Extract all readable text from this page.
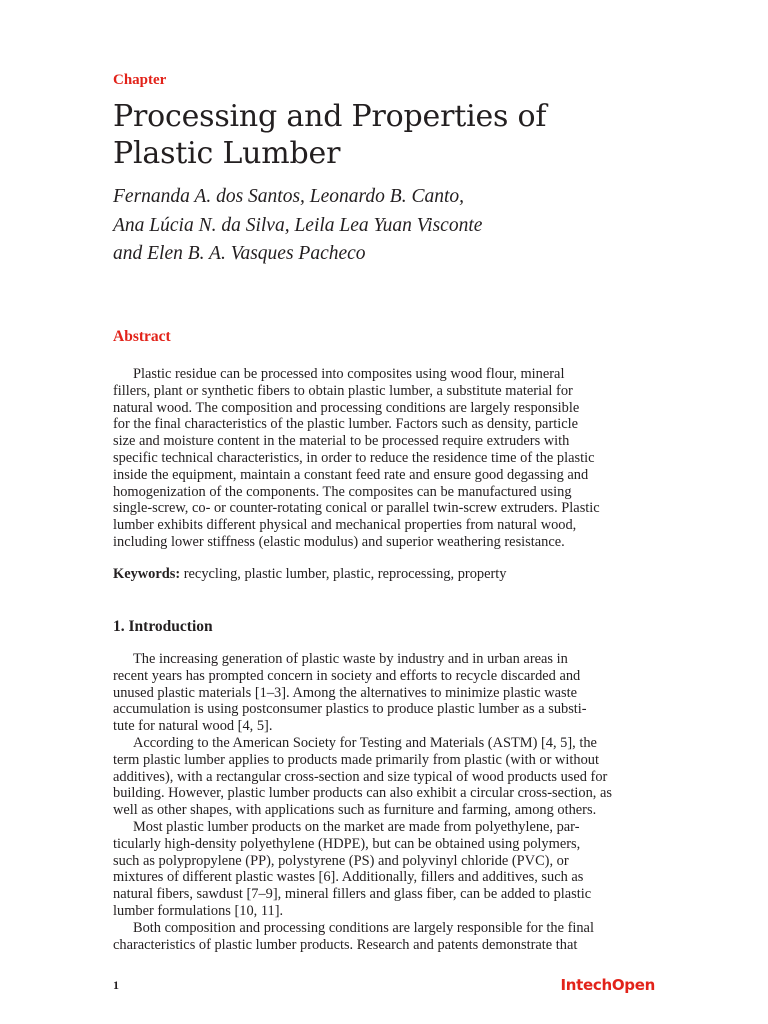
Chapter
Processing and Properties of
Plastic Lumber
Fernanda A. dos Santos, Leonardo B. Canto,
Ana Lúcia N. da Silva, Leila Lea Yuan Visconte
and Elen B. A. Vasques Pacheco
Abstract
Plastic residue can be processed into composites using wood flour, mineral
fillers, plant or synthetic fibers to obtain plastic lumber, a substitute material for
natural wood. The composition and processing conditions are largely responsible
for the final characteristics of the plastic lumber. Factors such as density, particle
size and moisture content in the material to be processed require extruders with
specific technical characteristics, in order to reduce the residence time of the plastic
inside the equipment, maintain a constant feed rate and ensure good degassing and
homogenization of the components. The composites can be manufactured using
single-screw, co- or counter-rotating conical or parallel twin-screw extruders. Plastic
lumber exhibits different physical and mechanical properties from natural wood,
including lower stiffness (elastic modulus) and superior weathering resistance.
Keywords: recycling, plastic lumber, plastic, reprocessing, property
1. Introduction
The increasing generation of plastic waste by industry and in urban areas in
recent years has prompted concern in society and efforts to recycle discarded and
unused plastic materials [1–3]. Among the alternatives to minimize plastic waste
accumulation is using postconsumer plastics to produce plastic lumber as a substi-
tute for natural wood [4, 5].
According to the American Society for Testing and Materials (ASTM) [4, 5], the
term plastic lumber applies to products made primarily from plastic (with or without
additives), with a rectangular cross-section and size typical of wood products used for
building. However, plastic lumber products can also exhibit a circular cross-section, as
well as other shapes, with applications such as furniture and farming, among others.
Most plastic lumber products on the market are made from polyethylene, par-
ticularly high-density polyethylene (HDPE), but can be obtained using polymers,
such as polypropylene (PP), polystyrene (PS) and polyvinyl chloride (PVC), or
mixtures of different plastic wastes [6]. Additionally, fillers and additives, such as
natural fibers, sawdust [7–9], mineral fillers and glass fiber, can be added to plastic
lumber formulations [10, 11].
Both composition and processing conditions are largely responsible for the final
characteristics of plastic lumber products. Research and patents demonstrate that
1	IntechOpen
